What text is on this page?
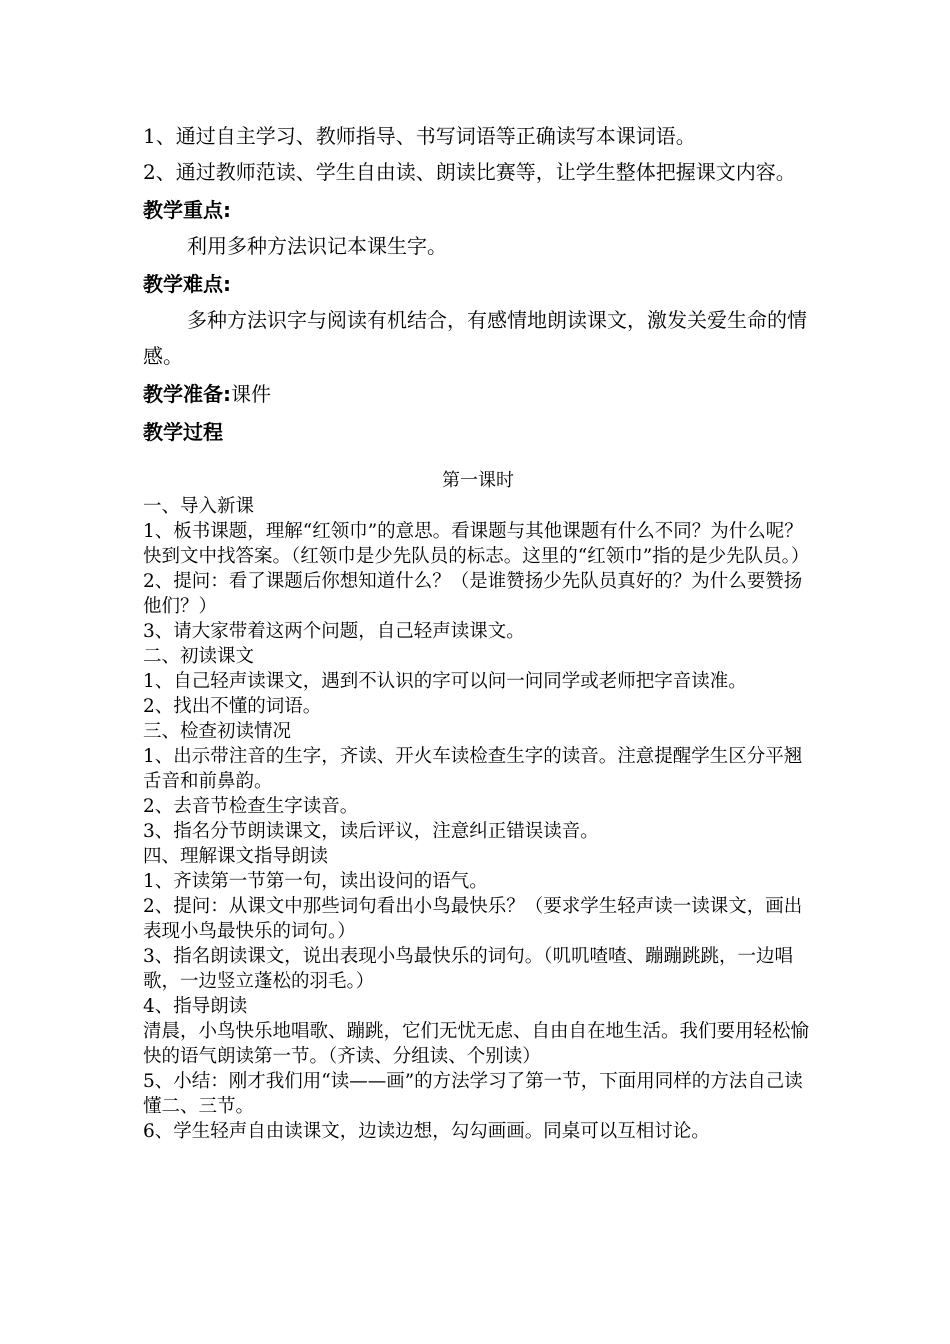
1、通过自主学习、教师指导、书写词语等正确读写本课词语。

2、通过教师范读、学生自由读、朗读比赛等，让学生整体把握课文内容。

教学重点:

利用多种方法识记本课生字。

教学难点:

多种方法识字与阅读有机结合，有感情地朗读课文，激发关爱生命的情感。

教学准备:课件

教学过程

第一课时

一、导入新课

1、板书课题，理解“红领巾”的意思。看课题与其他课题有什么不同？为什么呢？快到文中找答案。（红领巾是少先队员的标志。这里的“红领巾”指的是少先队员。）

2、提问：看了课题后你想知道什么？（是谁赞扬少先队员真好的？为什么要赞扬他们？）

3、请大家带着这两个问题，自己轻声读课文。

二、初读课文

1、自己轻声读课文，遇到不认识的字可以问一问同学或老师把字音读准。

2、找出不懂的词语。

三、检查初读情况

1、出示带注音的生字，齐读、开火车读检查生字的读音。注意提醒学生区分平翘舌音和前鼻韵。

2、去音节检查生字读音。

3、指名分节朗读课文，读后评议，注意纠正错误读音。

四、理解课文指导朗读

1、齐读第一节第一句，读出设问的语气。

2、提问：从课文中那些词句看出小鸟最快乐？（要求学生轻声读一读课文，画出表现小鸟最快乐的词句。）

3、指名朗读课文，说出表现小鸟最快乐的词句。（叽叽喳喳、蹦蹦跳跳，一边唱歌，一边竖立蓬松的羽毛。）

4、指导朗读

清晨，小鸟快乐地唱歌、蹦跳，它们无忧无虑、自由自在地生活。我们要用轻松愉快的语气朗读第一节。（齐读、分组读、个别读）

5、小结：刚才我们用“读——画”的方法学习了第一节，下面用同样的方法自己读懂二、三节。

6、学生轻声自由读课文，边读边想，勾勾画画。同桌可以互相讨论。
